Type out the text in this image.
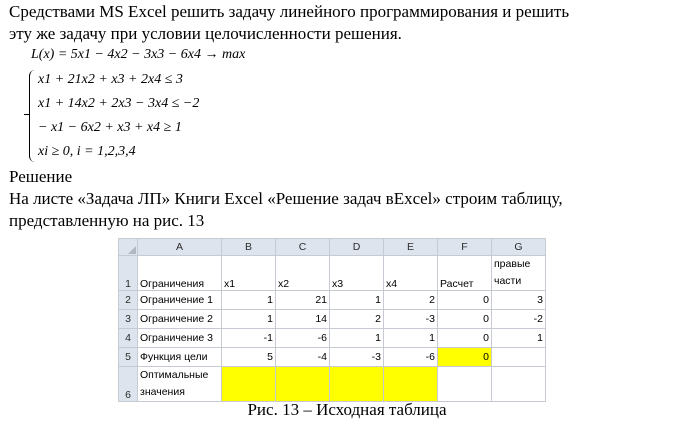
Средствами MS Excel решить задачу линейного программирования и решить
эту же задачу при условии целочисленности решения.
L(x) = 5x1 − 4x2 − 3x3 − 6x4 → max
x1 + 21x2 + x3 + 2x4 ≤ 3
x1 + 14x2 + 2x3 − 3x4 ≤ −2
− x1 − 6x2 + x3 + x4 ≥ 1
xi ≥ 0, i = 1,2,3,4
Решение
На листе «Задача ЛП» Книги Excel «Решение задач вExcel» строим таблицу,
представленную на рис. 13
	A	B	C	D	E	F	G
1	Ограничения	x1	x2	x3	x4	Расчет	правые
части
2	Ограничение 1	1	21	1	2	0	3
3	Ограничение 2	1	14	2	-3	0	-2
4	Ограничение 3	-1	-6	1	1	0	1
5	Функция цели	5	-4	-3	-6	0	
6	Оптимальные
значения						
Рис. 13 – Исходная таблица
